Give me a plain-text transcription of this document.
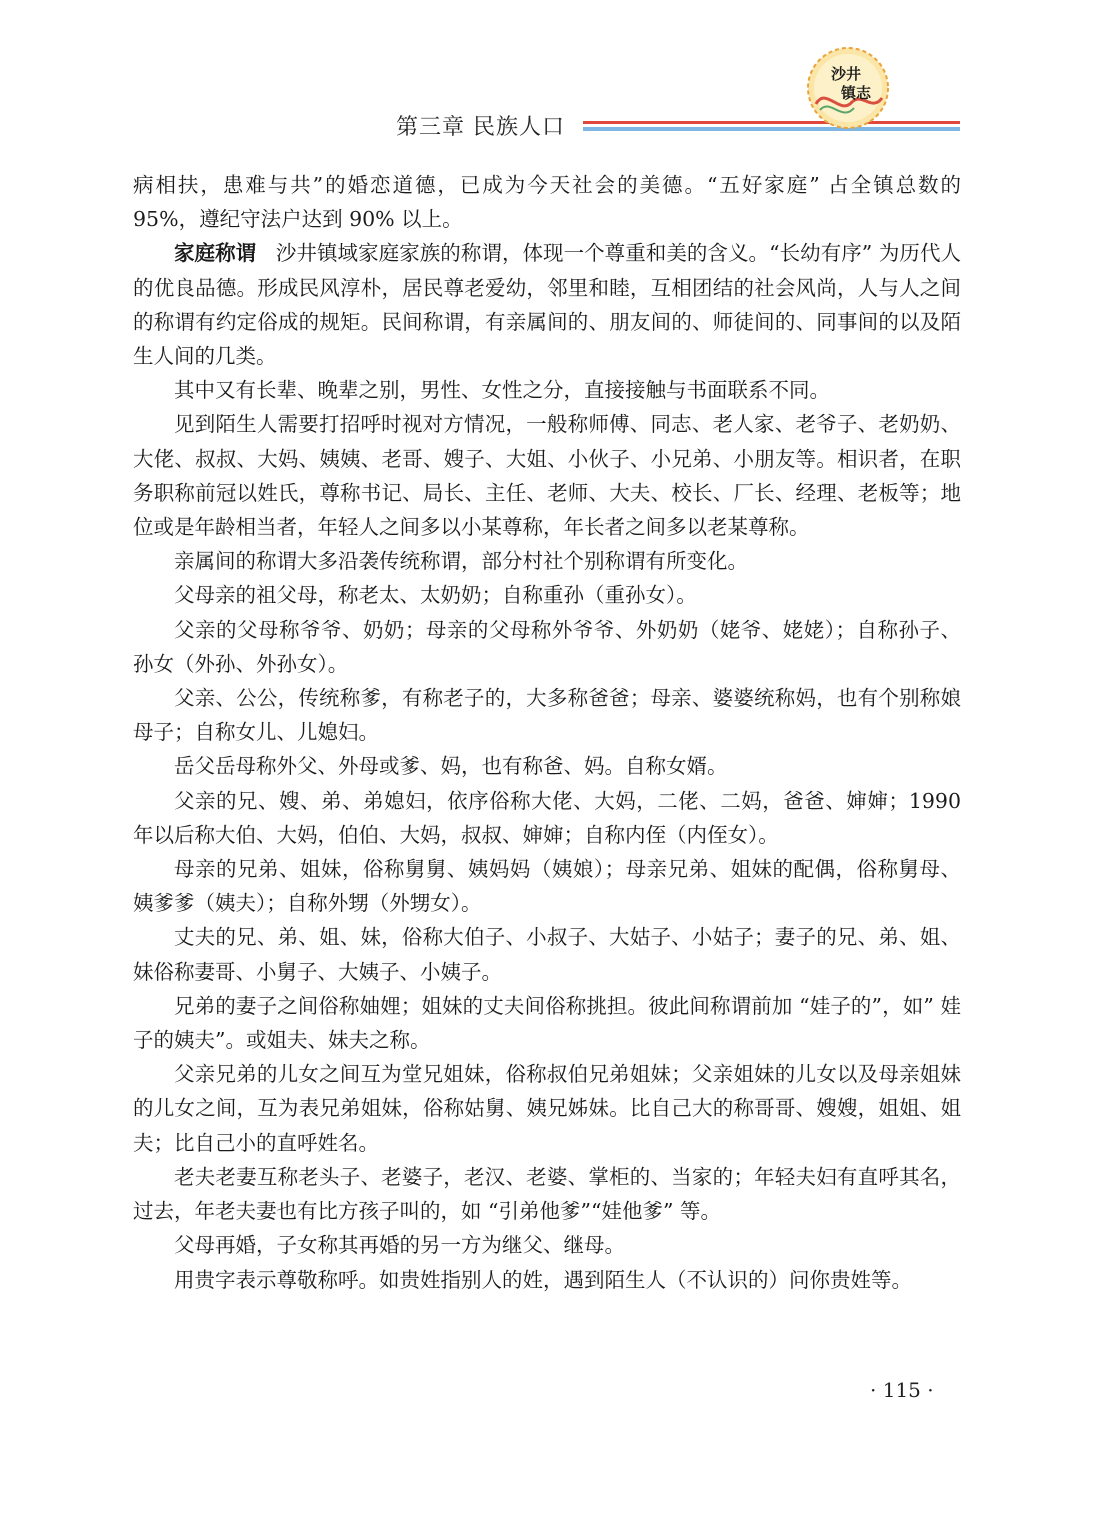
第三章 民族人口
沙井
镇志

病相扶，患难与共”的婚恋道德，已成为今天社会的美德。“五好家庭” 占全镇总数的 95%，遵纪守法户达到 90% 以上。

家庭称谓 沙井镇域家庭家族的称谓，体现一个尊重和美的含义。“长幼有序” 为历代人的优良品德。形成民风淳朴，居民尊老爱幼，邻里和睦，互相团结的社会风尚，人与人之间的称谓有约定俗成的规矩。民间称谓，有亲属间的、朋友间的、师徒间的、同事间的以及陌生人间的几类。

其中又有长辈、晚辈之别，男性、女性之分，直接接触与书面联系不同。

见到陌生人需要打招呼时视对方情况，一般称师傅、同志、老人家、老爷子、老奶奶、大佬、叔叔、大妈、姨姨、老哥、嫂子、大姐、小伙子、小兄弟、小朋友等。相识者，在职务职称前冠以姓氏，尊称书记、局长、主任、老师、大夫、校长、厂长、经理、老板等；地位或是年龄相当者，年轻人之间多以小某尊称，年长者之间多以老某尊称。

亲属间的称谓大多沿袭传统称谓，部分村社个别称谓有所变化。

父母亲的祖父母，称老太、太奶奶；自称重孙（重孙女）。

父亲的父母称爷爷、奶奶；母亲的父母称外爷爷、外奶奶（姥爷、姥姥）；自称孙子、孙女（外孙、外孙女）。

父亲、公公，传统称爹，有称老子的，大多称爸爸；母亲、婆婆统称妈，也有个别称娘母子；自称女儿、儿媳妇。

岳父岳母称外父、外母或爹、妈，也有称爸、妈。自称女婿。

父亲的兄、嫂、弟、弟媳妇，依序俗称大佬、大妈，二佬、二妈，爸爸、婶婶；1990 年以后称大伯、大妈，伯伯、大妈，叔叔、婶婶；自称内侄（内侄女）。

母亲的兄弟、姐妹，俗称舅舅、姨妈妈（姨娘）；母亲兄弟、姐妹的配偶，俗称舅母、姨爹爹（姨夫）；自称外甥（外甥女）。

丈夫的兄、弟、姐、妹，俗称大伯子、小叔子、大姑子、小姑子；妻子的兄、弟、姐、妹俗称妻哥、小舅子、大姨子、小姨子。

兄弟的妻子之间俗称妯娌；姐妹的丈夫间俗称挑担。彼此间称谓前加 “娃子的”，如” 娃子的姨夫”。或姐夫、妹夫之称。

父亲兄弟的儿女之间互为堂兄姐妹，俗称叔伯兄弟姐妹；父亲姐妹的儿女以及母亲姐妹的儿女之间，互为表兄弟姐妹，俗称姑舅、姨兄姊妹。比自己大的称哥哥、嫂嫂，姐姐、姐夫；比自己小的直呼姓名。

老夫老妻互称老头子、老婆子，老汉、老婆、掌柜的、当家的；年轻夫妇有直呼其名，过去，年老夫妻也有比方孩子叫的，如 “引弟他爹”“娃他爹” 等。

父母再婚，子女称其再婚的另一方为继父、继母。

用贵字表示尊敬称呼。如贵姓指别人的姓，遇到陌生人（不认识的）问你贵姓等。

· 115 ·
